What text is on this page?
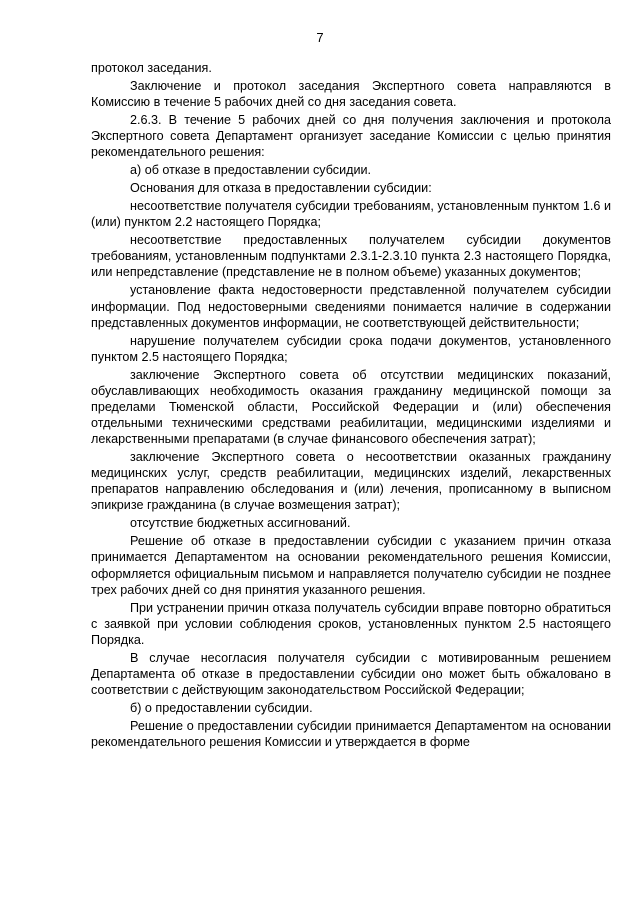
7

протокол заседания.

Заключение и протокол заседания Экспертного совета направляются в Комиссию в течение 5 рабочих дней со дня заседания совета.

2.6.3. В течение 5 рабочих дней со дня получения заключения и протокола Экспертного совета Департамент организует заседание Комиссии с целью принятия рекомендательного решения:

а) об отказе в предоставлении субсидии.

Основания для отказа в предоставлении субсидии:

несоответствие получателя субсидии требованиям, установленным пунктом 1.6 и (или) пунктом 2.2 настоящего Порядка;

несоответствие предоставленных получателем субсидии документов требованиям, установленным подпунктами 2.3.1-2.3.10 пункта 2.3 настоящего Порядка, или непредставление (представление не в полном объеме) указанных документов;

установление факта недостоверности представленной получателем субсидии информации. Под недостоверными сведениями понимается наличие в содержании представленных документов информации, не соответствующей действительности;

нарушение получателем субсидии срока подачи документов, установленного пунктом 2.5 настоящего Порядка;

заключение Экспертного совета об отсутствии медицинских показаний, обуславливающих необходимость оказания гражданину медицинской помощи за пределами Тюменской области, Российской Федерации и (или) обеспечения отдельными техническими средствами реабилитации, медицинскими изделиями и лекарственными препаратами (в случае финансового обеспечения затрат);

заключение Экспертного совета о несоответствии оказанных гражданину медицинских услуг, средств реабилитации, медицинских изделий, лекарственных препаратов направлению обследования и (или) лечения, прописанному в выписном эпикризе гражданина (в случае возмещения затрат);

отсутствие бюджетных ассигнований.

Решение об отказе в предоставлении субсидии с указанием причин отказа принимается Департаментом на основании рекомендательного решения Комиссии, оформляется официальным письмом и направляется получателю субсидии не позднее трех рабочих дней со дня принятия указанного решения.

При устранении причин отказа получатель субсидии вправе повторно обратиться с заявкой при условии соблюдения сроков, установленных пунктом 2.5 настоящего Порядка.

В случае несогласия получателя субсидии с мотивированным решением Департамента об отказе в предоставлении субсидии оно может быть обжаловано в соответствии с действующим законодательством Российской Федерации;

б) о предоставлении субсидии.

Решение о предоставлении субсидии принимается Департаментом на основании рекомендательного решения Комиссии и утверждается в форме
